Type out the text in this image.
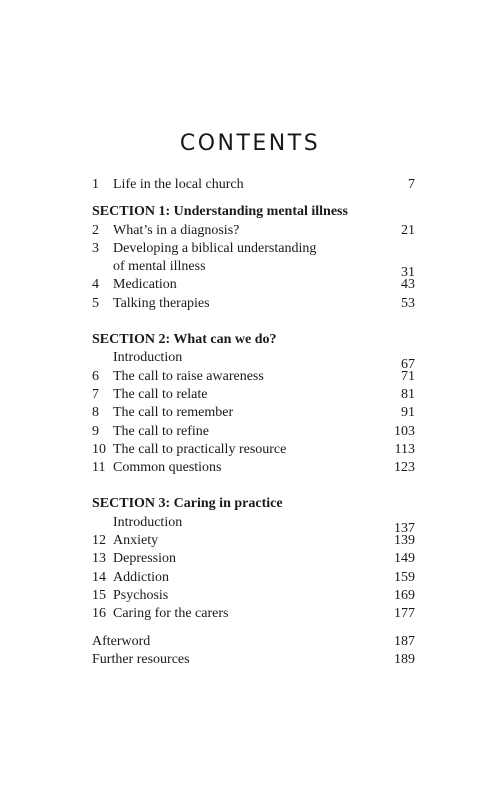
CONTENTS
1	Life in the local church	7
SECTION 1: Understanding mental illness
2	What’s in a diagnosis?	21
3	Developing a biblical understanding
of mental illness	31
4	Medication	43
5	Talking therapies	53
SECTION 2: What can we do?
Introduction	67
6	The call to raise awareness	71
7	The call to relate	81
8	The call to remember	91
9	The call to refine	103
10 The call to practically resource	113
11 Common questions	123
SECTION 3: Caring in practice
Introduction	137
12 Anxiety	139
13 Depression	149
14 Addiction	159
15 Psychosis	169
16 Caring for the carers	177
Afterword	187
Further resources	189
